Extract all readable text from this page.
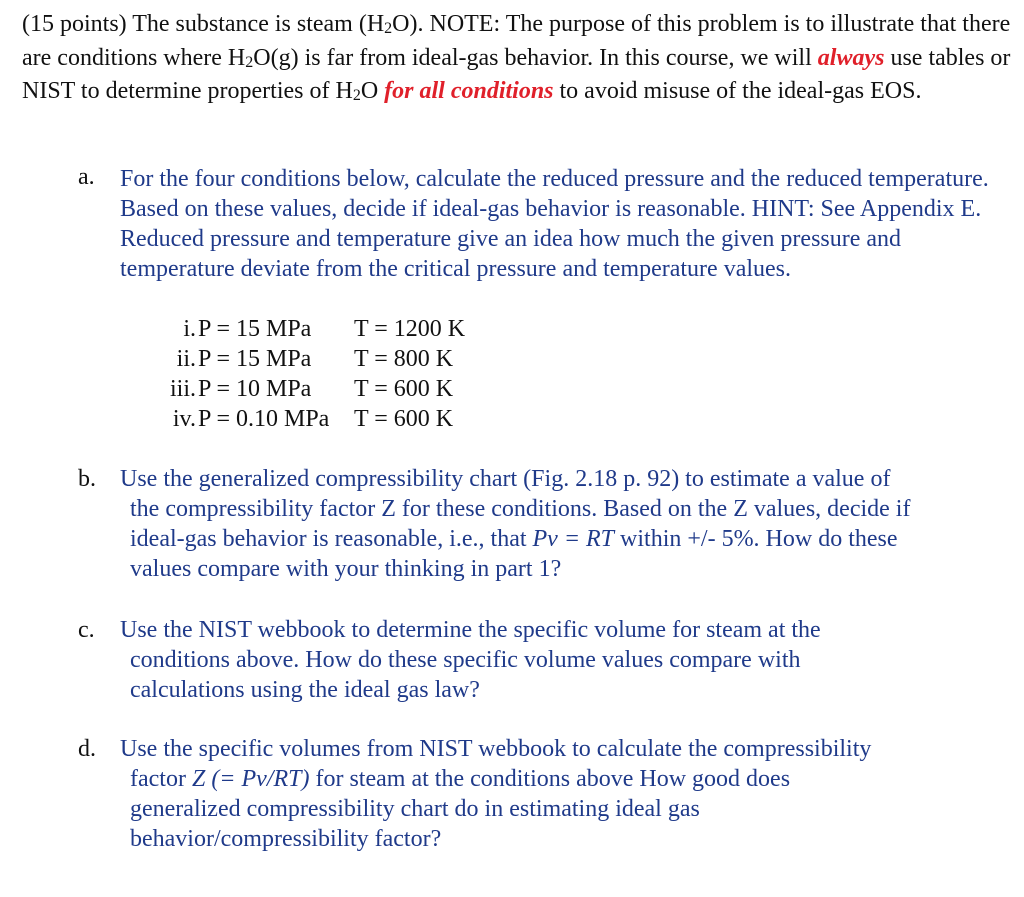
(15 points) The substance is steam (H2O). NOTE: The purpose of this problem is to illustrate that there are conditions where H2O(g) is far from ideal-gas behavior. In this course, we will always use tables or NIST to determine properties of H2O for all conditions to avoid misuse of the ideal-gas EOS.

a. For the four conditions below, calculate the reduced pressure and the reduced temperature. Based on these values, decide if ideal-gas behavior is reasonable. HINT: See Appendix E. Reduced pressure and temperature give an idea how much the given pressure and temperature deviate from the critical pressure and temperature values.

i. P = 15 MPa T = 1200 K
ii. P = 15 MPa T = 800 K
iii. P = 10 MPa T = 600 K
iv. P = 0.10 MPa T = 600 K
b. Use the generalized compressibility chart (Fig. 2.18 p. 92) to estimate a value of
the compressibility factor Z for these conditions. Based on the Z values, decide if
ideal-gas behavior is reasonable, i.e., that Pv = RT within +/- 5%. How do these
values compare with your thinking in part 1?
c. Use the NIST webbook to determine the specific volume for steam at the
conditions above. How do these specific volume values compare with
calculations using the ideal gas law?
d. Use the specific volumes from NIST webbook to calculate the compressibility
factor Z (= Pv/RT) for steam at the conditions above How good does
generalized compressibility chart do in estimating ideal gas
behavior/compressibility factor?
